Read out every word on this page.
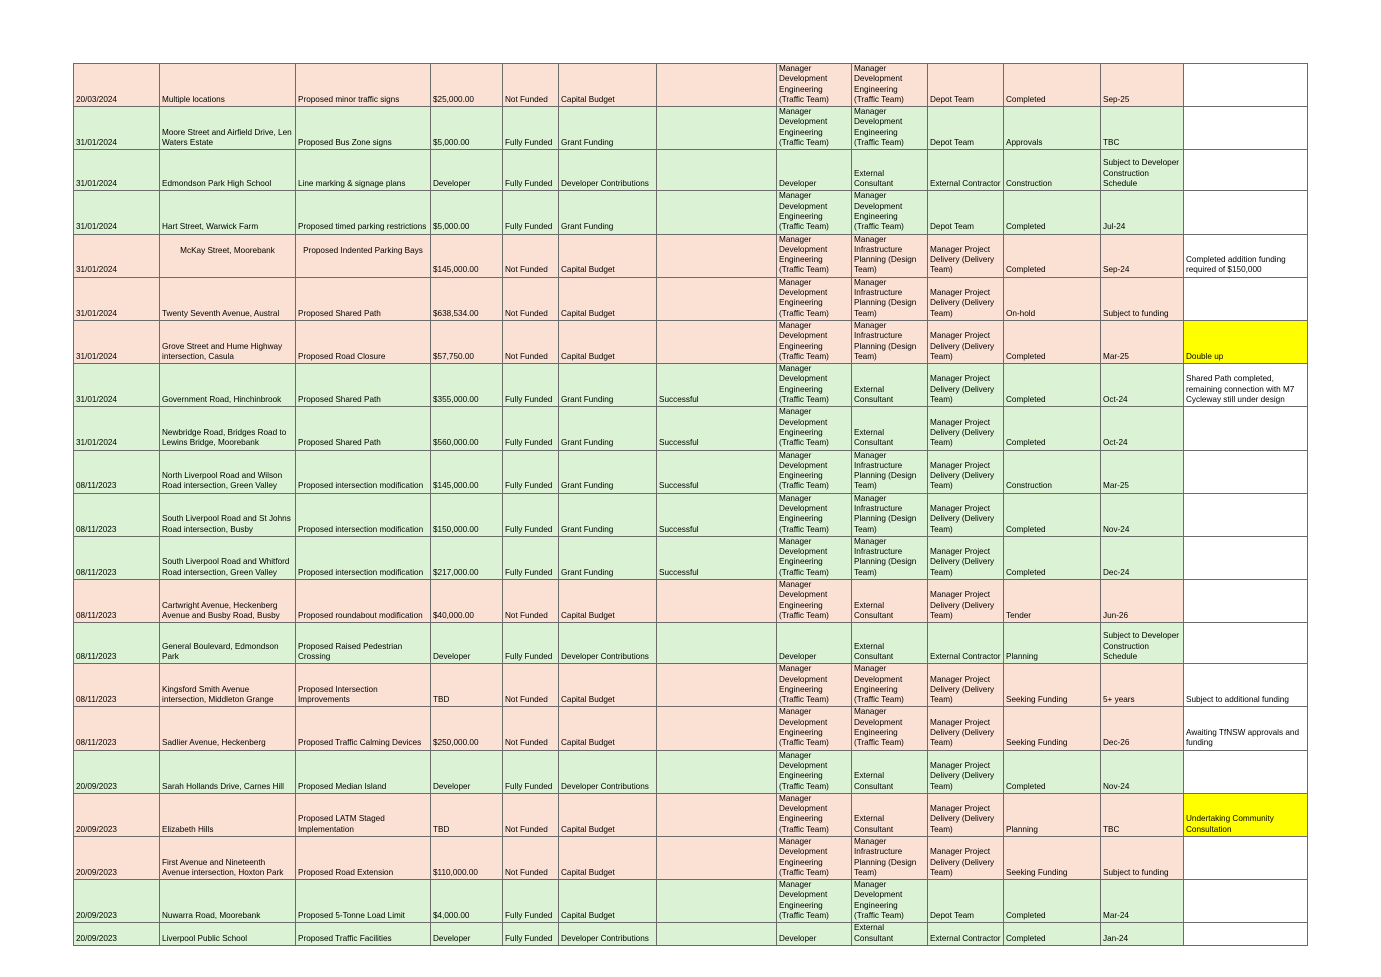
20/03/2024	Multiple locations	Proposed minor traffic signs	$25,000.00	Not Funded	Capital Budget		Manager
Development
Engineering
(Traffic Team)	Manager
Development
Engineering
(Traffic Team)	Depot Team	Completed	Sep-25	
31/01/2024	Moore Street and Airfield Drive, Len
Waters Estate	Proposed Bus Zone signs	$5,000.00	Fully Funded	Grant Funding		Manager
Development
Engineering
(Traffic Team)	Manager
Development
Engineering
(Traffic Team)	Depot Team	Approvals	TBC	
31/01/2024	Edmondson Park High School	Line marking & signage plans	Developer	Fully Funded	Developer Contributions		Developer	External
Consultant	External Contractor	Construction	Subject to Developer
Construction
Schedule	
31/01/2024	Hart Street, Warwick Farm	Proposed timed parking restrictions	$5,000.00	Fully Funded	Grant Funding		Manager
Development
Engineering
(Traffic Team)	Manager
Development
Engineering
(Traffic Team)	Depot Team	Completed	Jul-24	
31/01/2024	McKay Street, Moorebank	Proposed Indented Parking Bays	$145,000.00	Not Funded	Capital Budget		Manager
Development
Engineering
(Traffic Team)	Manager
Infrastructure
Planning (Design
Team)	Manager Project
Delivery (Delivery
Team)	Completed	Sep-24	Completed addition funding
required of $150,000
31/01/2024	Twenty Seventh Avenue, Austral	Proposed Shared Path	$638,534.00	Not Funded	Capital Budget		Manager
Development
Engineering
(Traffic Team)	Manager
Infrastructure
Planning (Design
Team)	Manager Project
Delivery (Delivery
Team)	On-hold	Subject to funding	
31/01/2024	Grove Street and Hume Highway
intersection, Casula	Proposed Road Closure	$57,750.00	Not Funded	Capital Budget		Manager
Development
Engineering
(Traffic Team)	Manager
Infrastructure
Planning (Design
Team)	Manager Project
Delivery (Delivery
Team)	Completed	Mar-25	Double up
31/01/2024	Government Road, Hinchinbrook	Proposed Shared Path	$355,000.00	Fully Funded	Grant Funding	Successful	Manager
Development
Engineering
(Traffic Team)	External
Consultant	Manager Project
Delivery (Delivery
Team)	Completed	Oct-24	Shared Path completed,
remaining connection with M7
Cycleway still under design
31/01/2024	Newbridge Road, Bridges Road to
Lewins Bridge, Moorebank	Proposed Shared Path	$560,000.00	Fully Funded	Grant Funding	Successful	Manager
Development
Engineering
(Traffic Team)	External
Consultant	Manager Project
Delivery (Delivery
Team)	Completed	Oct-24	
08/11/2023	North Liverpool Road and Wilson
Road intersection, Green Valley	Proposed intersection modification	$145,000.00	Fully Funded	Grant Funding	Successful	Manager
Development
Engineering
(Traffic Team)	Manager
Infrastructure
Planning (Design
Team)	Manager Project
Delivery (Delivery
Team)	Construction	Mar-25	
08/11/2023	South Liverpool Road and St Johns
Road intersection, Busby	Proposed intersection modification	$150,000.00	Fully Funded	Grant Funding	Successful	Manager
Development
Engineering
(Traffic Team)	Manager
Infrastructure
Planning (Design
Team)	Manager Project
Delivery (Delivery
Team)	Completed	Nov-24	
08/11/2023	South Liverpool Road and Whitford
Road intersection, Green Valley	Proposed intersection modification	$217,000.00	Fully Funded	Grant Funding	Successful	Manager
Development
Engineering
(Traffic Team)	Manager
Infrastructure
Planning (Design
Team)	Manager Project
Delivery (Delivery
Team)	Completed	Dec-24	
08/11/2023	Cartwright Avenue, Heckenberg
Avenue and Busby Road, Busby	Proposed roundabout modification	$40,000.00	Not Funded	Capital Budget		Manager
Development
Engineering
(Traffic Team)	External
Consultant	Manager Project
Delivery (Delivery
Team)	Tender	Jun-26	
08/11/2023	General Boulevard, Edmondson
Park	Proposed Raised Pedestrian
Crossing	Developer	Fully Funded	Developer Contributions		Developer	External
Consultant	External Contractor	Planning	Subject to Developer
Construction
Schedule	
08/11/2023	Kingsford Smith Avenue
intersection, Middleton Grange	Proposed Intersection
Improvements	TBD	Not Funded	Capital Budget		Manager
Development
Engineering
(Traffic Team)	Manager
Development
Engineering
(Traffic Team)	Manager Project
Delivery (Delivery
Team)	Seeking Funding	5+ years	Subject to additional funding
08/11/2023	Sadlier Avenue, Heckenberg	Proposed Traffic Calming Devices	$250,000.00	Not Funded	Capital Budget		Manager
Development
Engineering
(Traffic Team)	Manager
Development
Engineering
(Traffic Team)	Manager Project
Delivery (Delivery
Team)	Seeking Funding	Dec-26	Awaiting TfNSW approvals and
funding
20/09/2023	Sarah Hollands Drive, Carnes Hill	Proposed Median Island	Developer	Fully Funded	Developer Contributions		Manager
Development
Engineering
(Traffic Team)	External
Consultant	Manager Project
Delivery (Delivery
Team)	Completed	Nov-24	
20/09/2023	Elizabeth Hills	Proposed LATM Staged
Implementation	TBD	Not Funded	Capital Budget		Manager
Development
Engineering
(Traffic Team)	External
Consultant	Manager Project
Delivery (Delivery
Team)	Planning	TBC	Undertaking Community
Consultation
20/09/2023	First Avenue and Nineteenth
Avenue intersection, Hoxton Park	Proposed Road Extension	$110,000.00	Not Funded	Capital Budget		Manager
Development
Engineering
(Traffic Team)	Manager
Infrastructure
Planning (Design
Team)	Manager Project
Delivery (Delivery
Team)	Seeking Funding	Subject to funding	
20/09/2023	Nuwarra Road, Moorebank	Proposed 5-Tonne Load Limit	$4,000.00	Fully Funded	Capital Budget		Manager
Development
Engineering
(Traffic Team)	Manager
Development
Engineering
(Traffic Team)	Depot Team	Completed	Mar-24	
20/09/2023	Liverpool Public School	Proposed Traffic Facilities	Developer	Fully Funded	Developer Contributions		Developer	External
Consultant	External Contractor	Completed	Jan-24	
